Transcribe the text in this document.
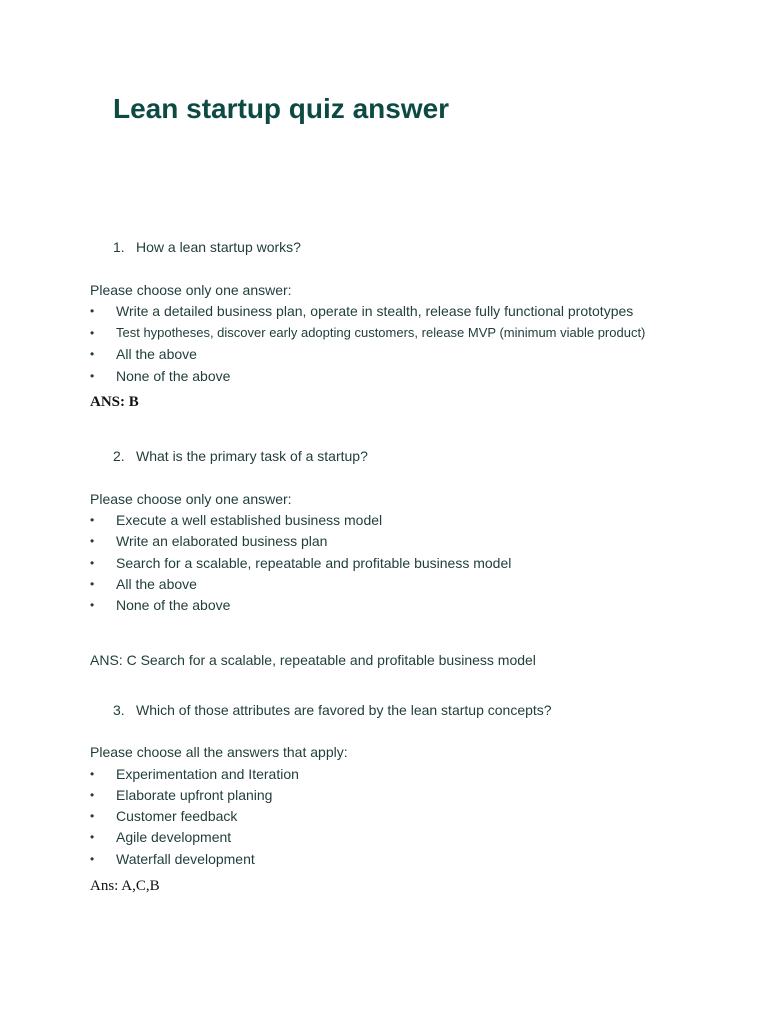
Lean startup quiz answer
1. How a lean startup works?
Please choose only one answer:
• Write a detailed business plan, operate in stealth, release fully functional prototypes
• Test hypotheses, discover early adopting customers, release MVP (minimum viable product)
• All the above
• None of the above
ANS: B
2. What is the primary task of a startup?
Please choose only one answer:
• Execute a well established business model
• Write an elaborated business plan
• Search for a scalable, repeatable and profitable business model
• All the above
• None of the above
ANS: C Search for a scalable, repeatable and profitable business model
3. Which of those attributes are favored by the lean startup concepts?
Please choose all the answers that apply:
• Experimentation and Iteration
• Elaborate upfront planing
• Customer feedback
• Agile development
• Waterfall development
Ans: A,C,B
